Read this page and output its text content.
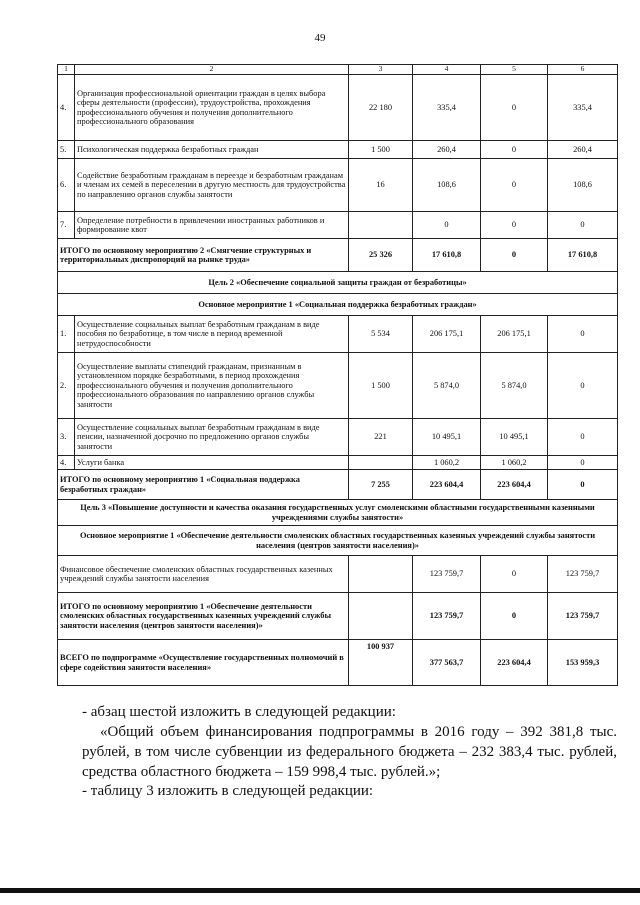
49
1	2	3	4	5	6
4.	Организация профессиональной ориентации граждан в целях выбора сферы деятельности (профессии), трудоустройства, прохождения профессионального обучения и получения дополнительного профессионального образования	22 180	335,4	0	335,4
5.	Психологическая поддержка безработных граждан	1 500	260,4	0	260,4
6.	Содействие безработным гражданам в переезде и безработным гражданам и членам их семей в переселении в другую местность для трудоустройства по направлению органов службы занятости	16	108,6	0	108,6
7.	Определение потребности в привлечении иностранных работников и формирование квот		0	0	0
ИТОГО по основному мероприятию 2 «Смягчение структурных и территориальных диспропорций на рынке труда»		25 326	17 610,8	0	17 610,8
Цель 2 «Обеспечение социальной защиты граждан от безработицы»					
Основное мероприятие 1 «Социальная поддержка безработных граждан»					
1.	Осуществление социальных выплат безработным гражданам в виде пособия по безработице, в том числе в период временной нетрудоспособности	5 534	206 175,1	206 175,1	0
2.	Осуществление выплаты стипендий гражданам, признанным в установленном порядке безработными, в период прохождения профессионального обучения и получения дополнительного профессионального образования по направлению органов службы занятости	1 500	5 874,0	5 874,0	0
3.	Осуществление социальных выплат безработным гражданам в виде пенсии, назначенной досрочно по предложению органов службы занятости	221	10 495,1	10 495,1	0
4.	Услуги банка		1 060,2	1 060,2	0
ИТОГО по основному мероприятию 1 «Социальная поддержка безработных граждан»		7 255	223 604,4	223 604,4	0
Цель 3 «Повышение доступности и качества оказания государственных услуг смоленскими областными государственными казенными учреждениями службы занятости»					
Основное мероприятие 1 «Обеспечение деятельности смоленских областных государственных казенных учреждений службы занятости населения (центров занятости населения)»					
Финансовое обеспечение смоленских областных государственных казенных учреждений службы занятости населения			123 759,7	0	123 759,7
ИТОГО по основному мероприятию 1 «Обеспечение деятельности смоленских областных государственных казенных учреждений службы занятости населения (центров занятости населения)»			123 759,7	0	123 759,7
ВСЕГО по подпрограмме «Осуществление государственных полномочий в сфере содействия занятости населения»		100 937	377 563,7	223 604,4	153 959,3
- абзац шестой изложить в следующей редакции:
«Общий объем финансирования подпрограммы в 2016 году – 392 381,8 тыс. рублей, в том числе субвенции из федерального бюджета – 232 383,4 тыс. рублей, средства областного бюджета – 159 998,4 тыс. рублей.»;
- таблицу 3 изложить в следующей редакции:
